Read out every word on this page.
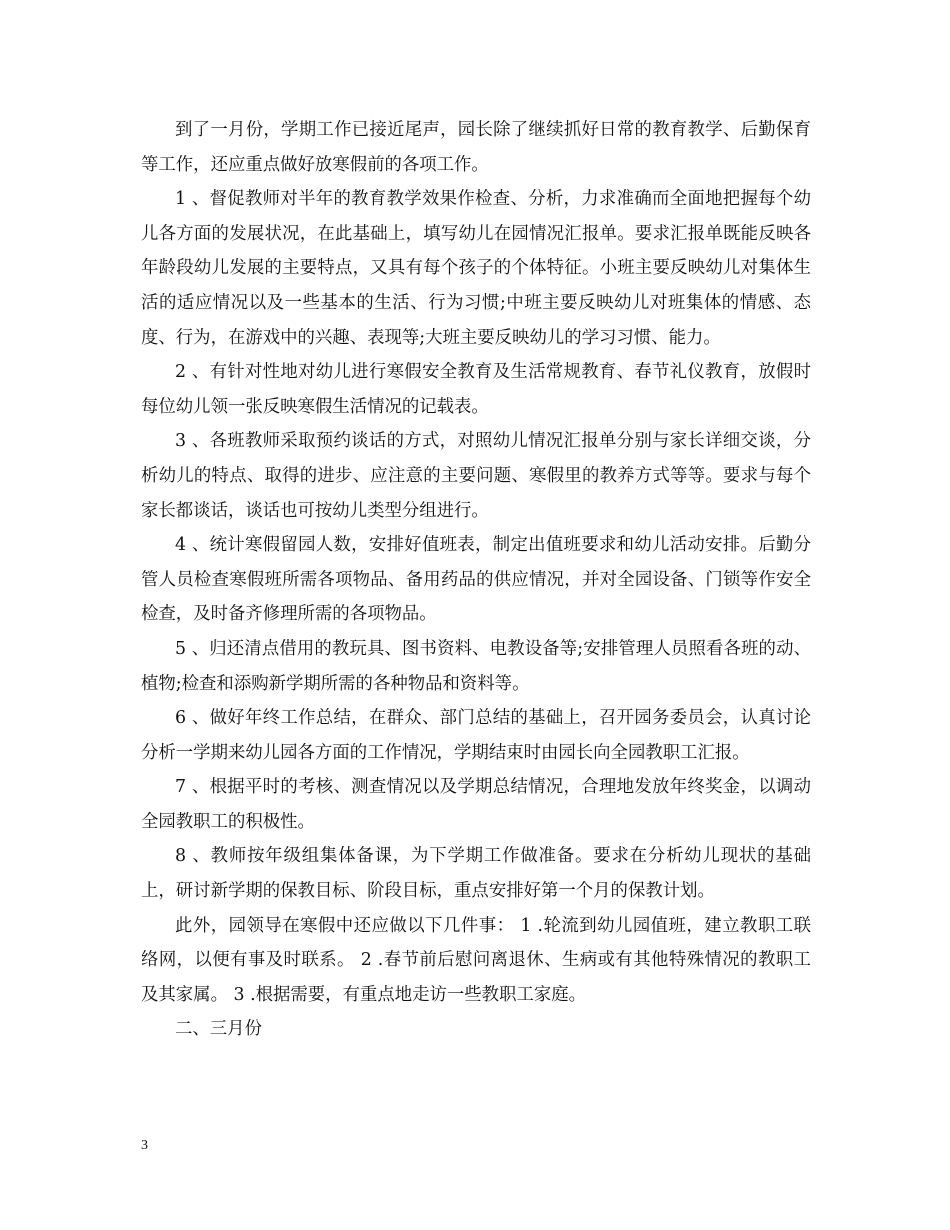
到了一月份，学期工作已接近尾声，园长除了继续抓好日常的教育教学、后勤保育等工作，还应重点做好放寒假前的各项工作。

1 、督促教师对半年的教育教学效果作检查、分析，力求准确而全面地把握每个幼儿各方面的发展状况，在此基础上，填写幼儿在园情况汇报单。要求汇报单既能反映各年龄段幼儿发展的主要特点，又具有每个孩子的个体特征。小班主要反映幼儿对集体生活的适应情况以及一些基本的生活、行为习惯;中班主要反映幼儿对班集体的情感、态度、行为，在游戏中的兴趣、表现等;大班主要反映幼儿的学习习惯、能力。

2 、有针对性地对幼儿进行寒假安全教育及生活常规教育、春节礼仪教育，放假时每位幼儿领一张反映寒假生活情况的记载表。

3 、各班教师采取预约谈话的方式，对照幼儿情况汇报单分别与家长详细交谈，分析幼儿的特点、取得的进步、应注意的主要问题、寒假里的教养方式等等。要求与每个家长都谈话，谈话也可按幼儿类型分组进行。

4 、统计寒假留园人数，安排好值班表，制定出值班要求和幼儿活动安排。后勤分管人员检查寒假班所需各项物品、备用药品的供应情况，并对全园设备、门锁等作安全检查，及时备齐修理所需的各项物品。

5 、归还清点借用的教玩具、图书资料、电教设备等;安排管理人员照看各班的动、植物;检查和添购新学期所需的各种物品和资料等。

6 、做好年终工作总结，在群众、部门总结的基础上，召开园务委员会，认真讨论分析一学期来幼儿园各方面的工作情况，学期结束时由园长向全园教职工汇报。

7 、根据平时的考核、测查情况以及学期总结情况，合理地发放年终奖金，以调动全园教职工的积极性。

8 、教师按年级组集体备课，为下学期工作做准备。要求在分析幼儿现状的基础上，研讨新学期的保教目标、阶段目标，重点安排好第一个月的保教计划。

此外，园领导在寒假中还应做以下几件事： 1 .轮流到幼儿园值班，建立教职工联络网，以便有事及时联系。 2 .春节前后慰问离退休、生病或有其他特殊情况的教职工及其家属。 3 .根据需要，有重点地走访一些教职工家庭。

二、三月份

3
